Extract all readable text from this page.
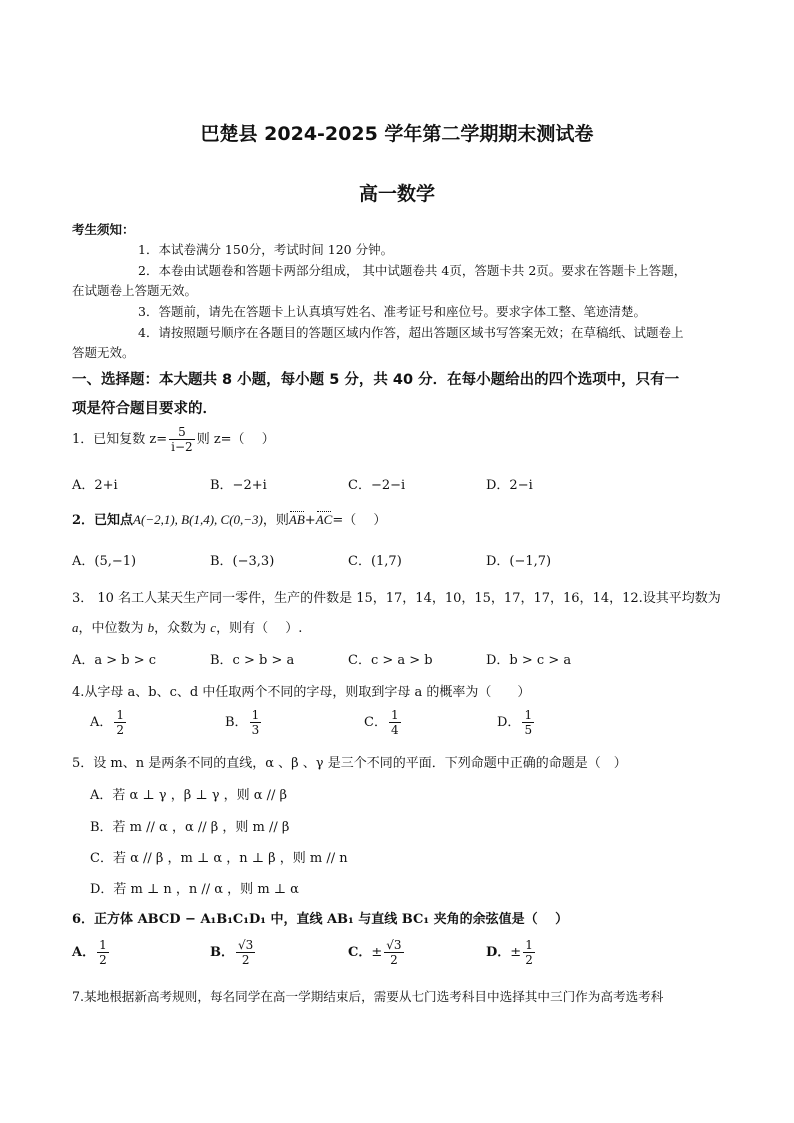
巴楚县 2024-2025 学年第二学期期末测试卷
高一数学
考生须知：
1．本试卷满分 150分，考试时间 120 分钟。
2．本卷由试题卷和答题卡两部分组成， 其中试题卷共 4页，答题卡共 2页。要求在答题卡上答题，
在试题卷上答题无效。
3．答题前，请先在答题卡上认真填写姓名、准考证号和座位号。要求字体工整、笔迹清楚。
4．请按照题号顺序在各题目的答题区域内作答，超出答题区域书写答案无效；在草稿纸、试题卷上
答题无效。
一、选择题：本大题共 8 小题，每小题 5 分，共 40 分．在每小题给出的四个选项中，只有一
项是符合题目要求的．
1．已知复数 $z= \frac{5}{i-2}$ 则 z=（　 ）
A．2+i	B．−2+i	C．−2−i	D．2−i
2．已知点A(−2,1), B(1,4), C(0,−3)，则AB+AC=（　 ）
A．(5,−1)	B．(−3,3)	C．(1,7)	D．(−1,7)
3． 10 名工人某天生产同一零件，生产的件数是 15，17，14，10，15，17，17，16，14，12.设其平均数为
a，中位数为 b，众数为 c，则有（　 ）.
A．a > b > c	B．c > b > a	C．c > a > b	D．b > c > a
4.从字母 a、b、c、d 中任取两个不同的字母，则取到字母 a 的概率为（　　）
A． $\frac{1}{2}$	B． $\frac{1}{3}$	C． $\frac{1}{4}$	D． $\frac{1}{5}$
5．设 m、n 是两条不同的直线，α 、β 、γ 是三个不同的平面．下列命题中正确的命题是（　）
A．若 α ⊥ γ ，β ⊥ γ ，则 α // β
B．若 m // α ，α // β ，则 m // β
C．若 α // β ，m ⊥ α ，n ⊥ β ，则 m // n
D．若 m ⊥ n ，n // α ，则 m ⊥ α
6．正方体 ABCD − A₁B₁C₁D₁ 中，直线 AB₁ 与直线 BC₁ 夹角的余弦值是（　 ）
A． $\frac{1}{2}$	B． $\frac{√3}{2}$	C．± $\frac{√3}{2}$	D．± $\frac{1}{2}$
7.某地根据新高考规则，每名同学在高一学期结束后，需要从七门选考科目中选择其中三门作为高考选考科
